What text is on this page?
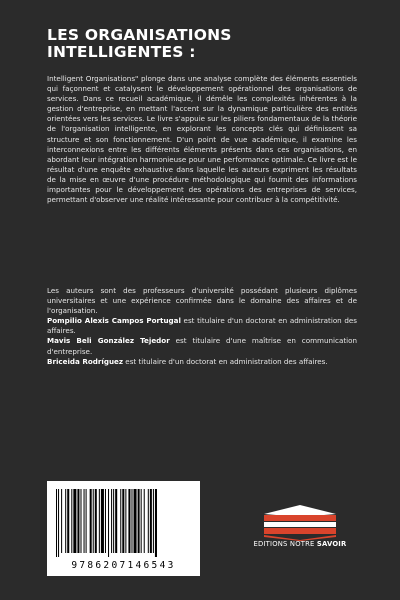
LES ORGANISATIONS INTELLIGENTES :
Intelligent Organisations" plonge dans une analyse complète des éléments essentiels qui façonnent et catalysent le développement opérationnel des organisations de services. Dans ce recueil académique, il démêle les complexités inhérentes à la gestion d'entreprise, en mettant l'accent sur la dynamique particulière des entités orientées vers les services. Le livre s'appuie sur les piliers fondamentaux de la théorie de l'organisation intelligente, en explorant les concepts clés qui définissent sa structure et son fonctionnement. D'un point de vue académique, il examine les interconnexions entre les différents éléments présents dans ces organisations, en abordant leur intégration harmonieuse pour une performance optimale. Ce livre est le résultat d'une enquête exhaustive dans laquelle les auteurs expriment les résultats de la mise en œuvre d'une procédure méthodologique qui fournit des informations importantes pour le développement des opérations des entreprises de services, permettant d'observer une réalité intéressante pour contribuer à la compétitivité.

Les auteurs sont des professeurs d'université possédant plusieurs diplômes universitaires et une expérience confirmée dans le domaine des affaires et de l'organisation.

Pompilio Alexis Campos Portugal est titulaire d'un doctorat en administration des affaires.

Mavis Beli González Tejedor est titulaire d'une maîtrise en communication d'entreprise.

Briceida Rodríguez est titulaire d'un doctorat en administration des affaires.

9786207146543
EDITIONS NOTRE SAVOIR
